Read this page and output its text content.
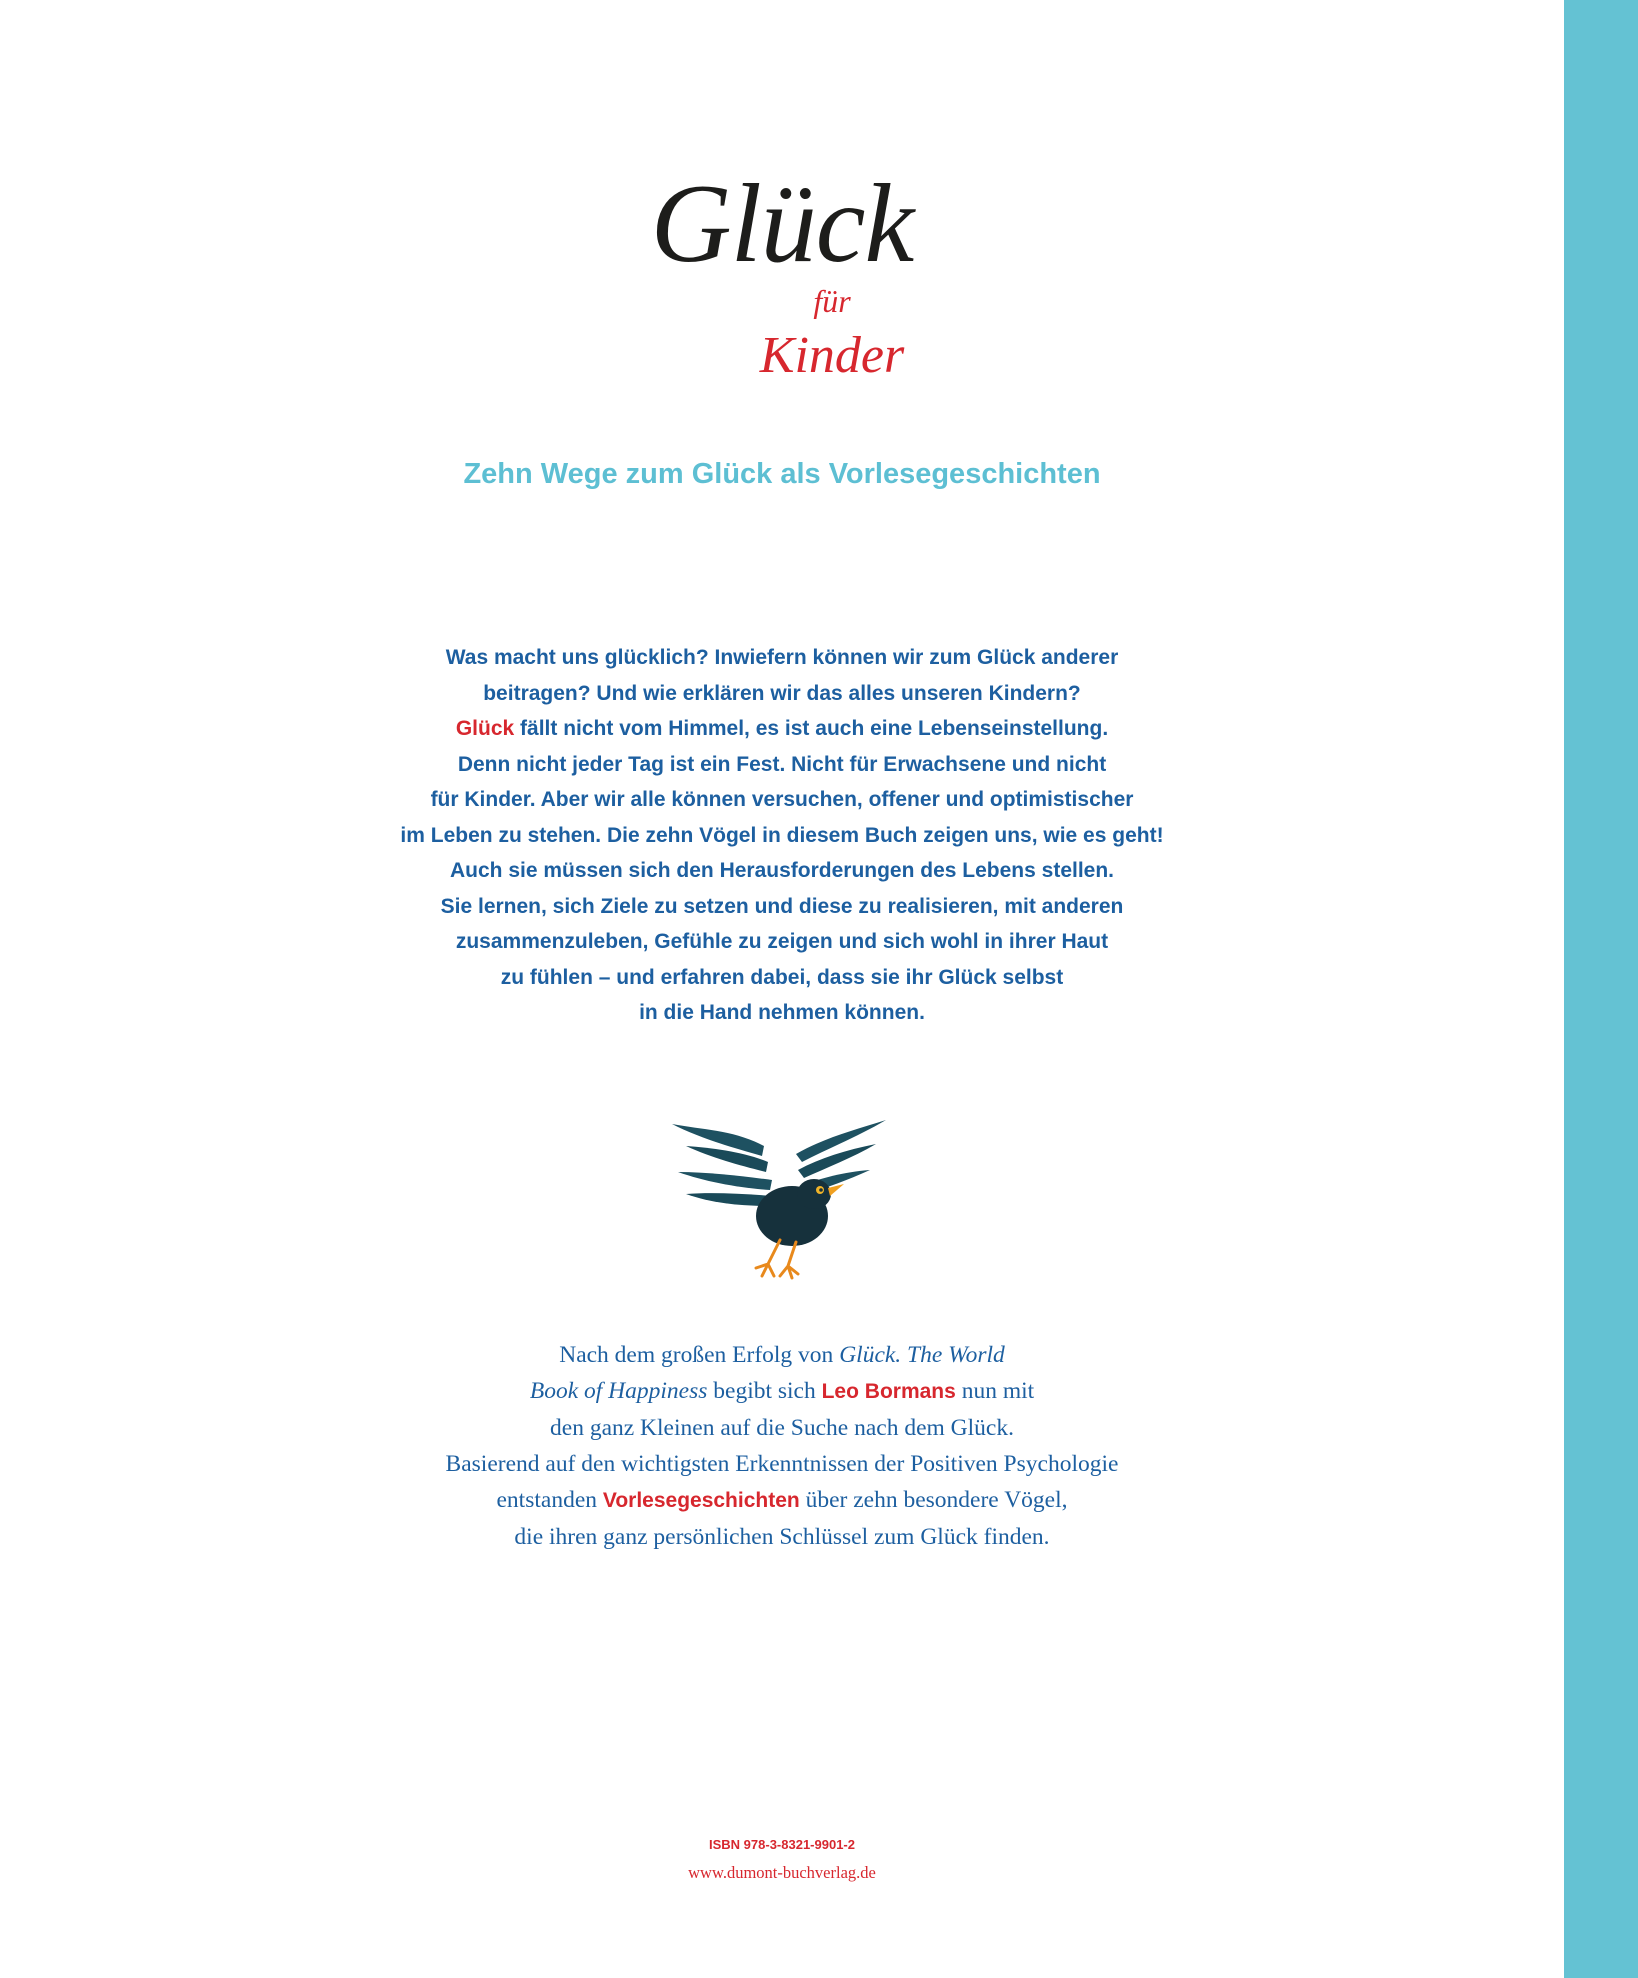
Glück
für
Kinder
Zehn Wege zum Glück als Vorlesegeschichten
Was macht uns glücklich? Inwiefern können wir zum Glück anderer
beitragen? Und wie erklären wir das alles unseren Kindern?
Glück fällt nicht vom Himmel, es ist auch eine Lebenseinstellung.
Denn nicht jeder Tag ist ein Fest. Nicht für Erwachsene und nicht
für Kinder. Aber wir alle können versuchen, offener und optimistischer
im Leben zu stehen. Die zehn Vögel in diesem Buch zeigen uns, wie es geht!
Auch sie müssen sich den Herausforderungen des Lebens stellen.
Sie lernen, sich Ziele zu setzen und diese zu realisieren, mit anderen
zusammenzuleben, Gefühle zu zeigen und sich wohl in ihrer Haut
zu fühlen – und erfahren dabei, dass sie ihr Glück selbst
in die Hand nehmen können.
Nach dem großen Erfolg von Glück. The World
Book of Happiness begibt sich Leo Bormans nun mit
den ganz Kleinen auf die Suche nach dem Glück.
Basierend auf den wichtigsten Erkenntnissen der Positiven Psychologie
entstanden Vorlesegeschichten über zehn besondere Vögel,
die ihren ganz persönlichen Schlüssel zum Glück finden.
ISBN 978-3-8321-9901-2
www.dumont-buchverlag.de
